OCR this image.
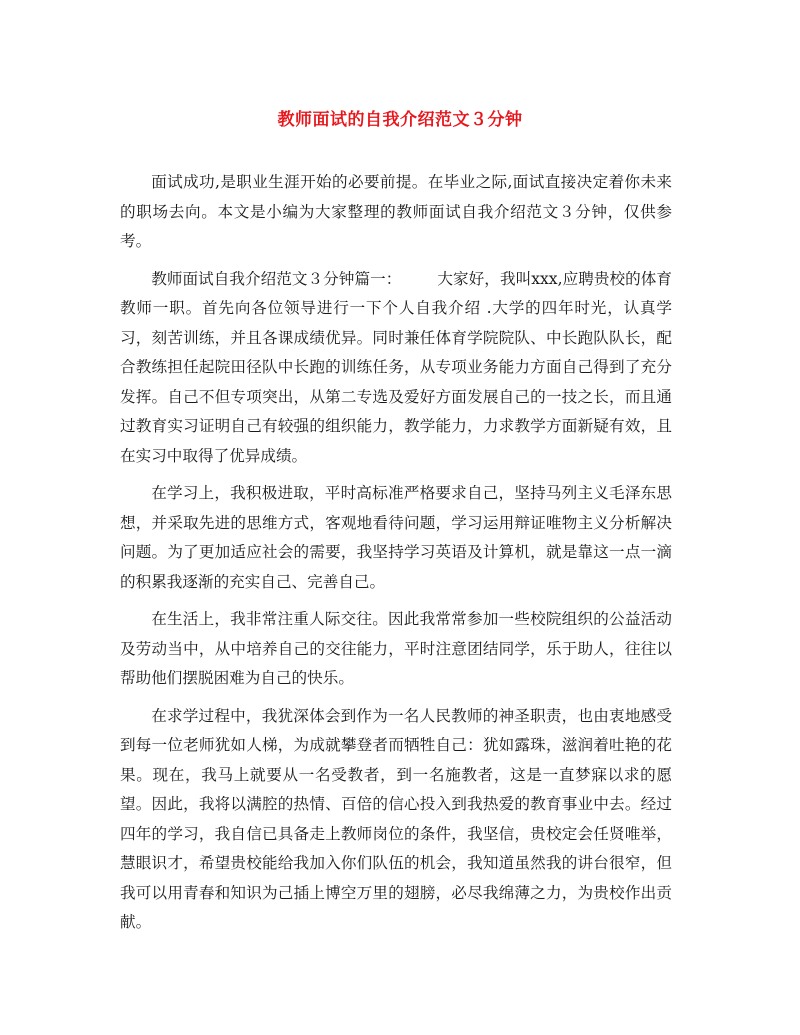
教师面试的自我介绍范文３分钟

面试成功,是职业生涯开始的必要前提。在毕业之际,面试直接决定着你未来的职场去向。本文是小编为大家整理的教师面试自我介绍范文３分钟，仅供参考。

教师面试自我介绍范文３分钟篇一： 大家好，我叫xxx,应聘贵校的体育教师一职。首先向各位领导进行一下个人自我介绍 .大学的四年时光，认真学习，刻苦训练，并且各课成绩优异。同时兼任体育学院院队、中长跑队队长，配合教练担任起院田径队中长跑的训练任务，从专项业务能力方面自己得到了充分发挥。自己不但专项突出，从第二专选及爱好方面发展自己的一技之长，而且通过教育实习证明自己有较强的组织能力，教学能力，力求教学方面新疑有效，且在实习中取得了优异成绩。

在学习上，我积极进取，平时高标准严格要求自己，坚持马列主义毛泽东思想，并采取先进的思维方式，客观地看待问题，学习运用辩证唯物主义分析解决问题。为了更加适应社会的需要，我坚持学习英语及计算机，就是靠这一点一滴的积累我逐渐的充实自己、完善自己。

在生活上，我非常注重人际交往。因此我常常参加一些校院组织的公益活动及劳动当中，从中培养自己的交往能力，平时注意团结同学，乐于助人，往往以帮助他们摆脱困难为自己的快乐。

在求学过程中，我犹深体会到作为一名人民教师的神圣职责，也由衷地感受到每一位老师犹如人梯，为成就攀登者而牺牲自己：犹如露珠，滋润着吐艳的花果。现在，我马上就要从一名受教者，到一名施教者，这是一直梦寐以求的愿望。因此，我将以满腔的热情、百倍的信心投入到我热爱的教育事业中去。经过四年的学习，我自信已具备走上教师岗位的条件，我坚信，贵校定会任贤唯举，慧眼识才，希望贵校能给我加入你们队伍的机会，我知道虽然我的讲台很窄，但我可以用青春和知识为己插上博空万里的翅膀，必尽我绵薄之力，为贵校作出贡献。
